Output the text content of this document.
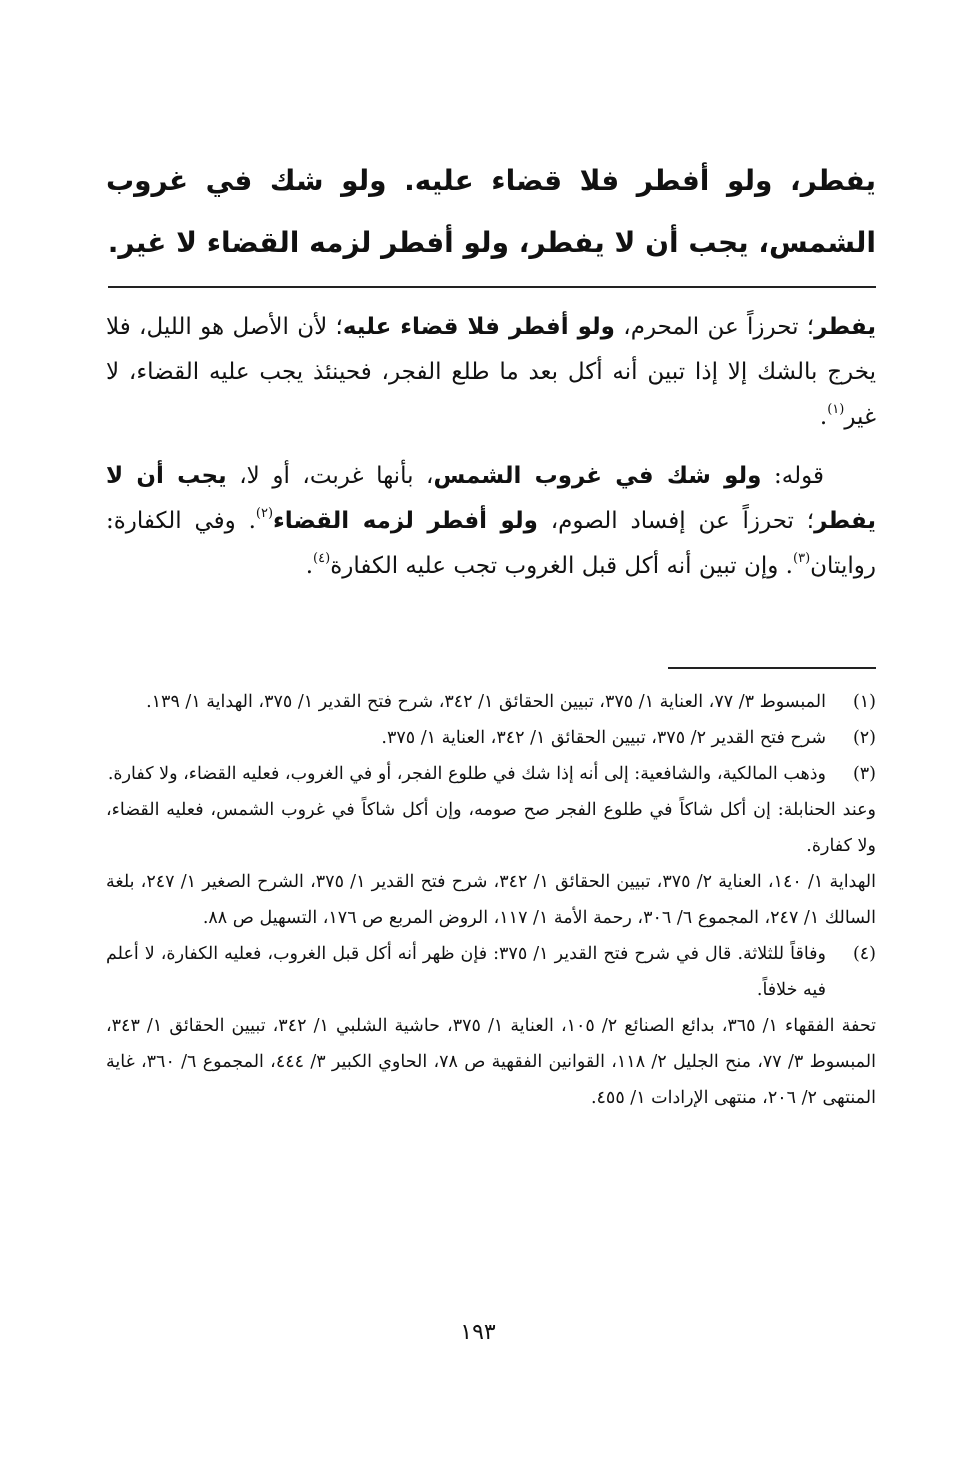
يفطر، ولو أفطر فلا قضاء عليه. ولو شك في غروب الشمس، يجب أن لا يفطر، ولو أفطر لزمه القضاء لا غير.

يفطر؛ تحرزاً عن المحرم، ولو أفطر فلا قضاء عليه؛ لأن الأصل هو الليل، فلا يخرج بالشك إلا إذا تبين أنه أكل بعد ما طلع الفجر، فحينئذ يجب عليه القضاء، لا غير$^{(١)}$.

قوله: ولو شك في غروب الشمس، بأنها غربت، أو لا، يجب أن لا يفطر؛ تحرزاً عن إفساد الصوم، ولو أفطر لزمه القضاء$^{(٢)}$. وفي الكفارة: روايتان$^{(٣)}$. وإن تبين أنه أكل قبل الغروب تجب عليه الكفارة$^{(٤)}$.

(١)

المبسوط ٣/ ٧٧، العناية ١/ ٣٧٥، تبيين الحقائق ١/ ٣٤٢، شرح فتح القدير ١/ ٣٧٥، الهداية ١/ ١٣٩.

(٢)

شرح فتح القدير ٢/ ٣٧٥، تبيين الحقائق ١/ ٣٤٢، العناية ١/ ٣٧٥.

(٣)

وذهب المالكية، والشافعية: إلى أنه إذا شك في طلوع الفجر، أو في الغروب، فعليه القضاء، ولا كفارة.

وعند الحنابلة: إن أكل شاكاً في طلوع الفجر صح صومه، وإن أكل شاكاً في غروب الشمس، فعليه القضاء، ولا كفارة.

الهداية ١/ ١٤٠، العناية ٢/ ٣٧٥، تبيين الحقائق ١/ ٣٤٢، شرح فتح القدير ١/ ٣٧٥، الشرح الصغير ١/ ٢٤٧، بلغة السالك ١/ ٢٤٧، المجموع ٦/ ٣٠٦، رحمة الأمة ١/ ١١٧، الروض المربع ص ١٧٦، التسهيل ص ٨٨.

(٤)

وفاقاً للثلاثة. قال في شرح فتح القدير ١/ ٣٧٥: فإن ظهر أنه أكل قبل الغروب، فعليه الكفارة، لا أعلم فيه خلافاً.

تحفة الفقهاء ١/ ٣٦٥، بدائع الصنائع ٢/ ١٠٥، العناية ١/ ٣٧٥، حاشية الشلبي ١/ ٣٤٢، تبيين الحقائق ١/ ٣٤٣، المبسوط ٣/ ٧٧، منح الجليل ٢/ ١١٨، القوانين الفقهية ص ٧٨، الحاوي الكبير ٣/ ٤٤٤، المجموع ٦/ ٣٦٠، غاية المنتهى ٢/ ٢٠٦، منتهى الإرادات ١/ ٤٥٥.

١٩٣
